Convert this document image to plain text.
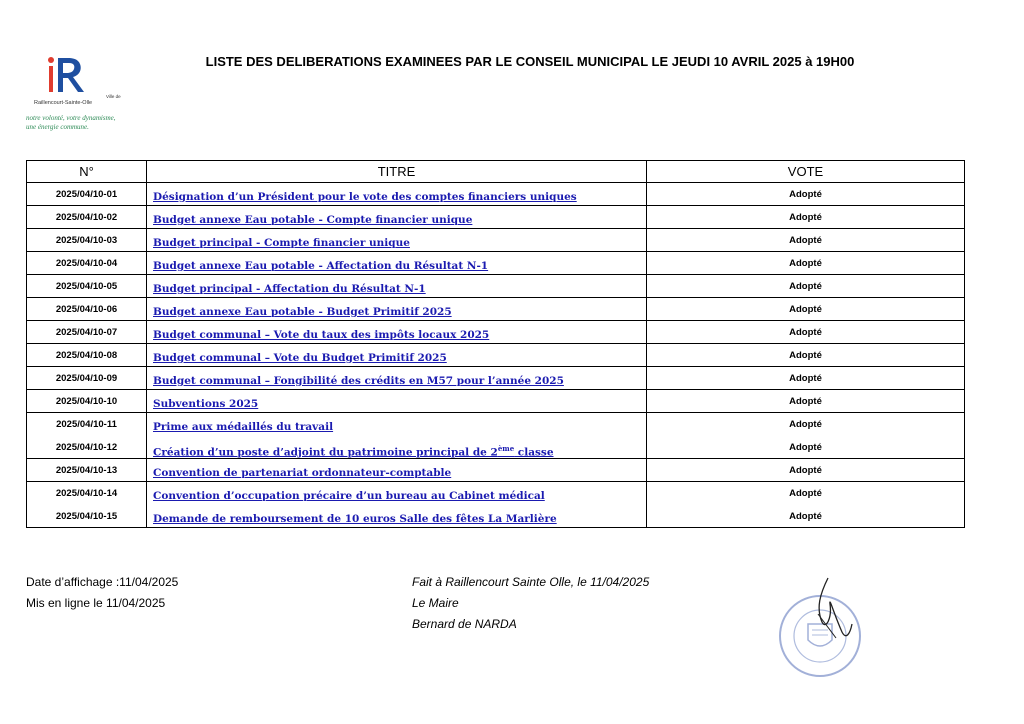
Ville de
Raillencourt-Sainte-Olle
notre volonté, votre dynamisme,
une énergie commune.
LISTE DES DELIBERATIONS EXAMINEES PAR LE CONSEIL MUNICIPAL LE JEUDI 10 AVRIL 2025 à 19H00
N°	TITRE	VOTE
2025/04/10-01	Désignation d’un Président pour le vote des comptes financiers uniques	Adopté
2025/04/10-02	Budget annexe Eau potable - Compte financier unique	Adopté
2025/04/10-03	Budget principal - Compte financier unique	Adopté
2025/04/10-04	Budget annexe Eau potable - Affectation du Résultat N-1	Adopté
2025/04/10-05	Budget principal - Affectation du Résultat N-1	Adopté
2025/04/10-06	Budget annexe Eau potable - Budget Primitif 2025	Adopté
2025/04/10-07	Budget communal – Vote du taux des impôts locaux 2025	Adopté
2025/04/10-08	Budget communal – Vote du Budget Primitif 2025	Adopté
2025/04/10-09	Budget communal – Fongibilité des crédits en M57 pour l’année 2025	Adopté
2025/04/10-10	Subventions 2025	Adopté
2025/04/10-11	Prime aux médaillés du travail	Adopté
2025/04/10-12	Création d’un poste d’adjoint du patrimoine principal de 2ème classe	Adopté
2025/04/10-13	Convention de partenariat ordonnateur-comptable	Adopté
2025/04/10-14	Convention d’occupation précaire d’un bureau au Cabinet médical	Adopté
2025/04/10-15	Demande de remboursement de 10 euros Salle des fêtes La Marlière	Adopté
Date d’affichage :11/04/2025
Mis en ligne le 11/04/2025
Fait à Raillencourt Sainte Olle, le 11/04/2025
Le Maire
Bernard de NARDA
